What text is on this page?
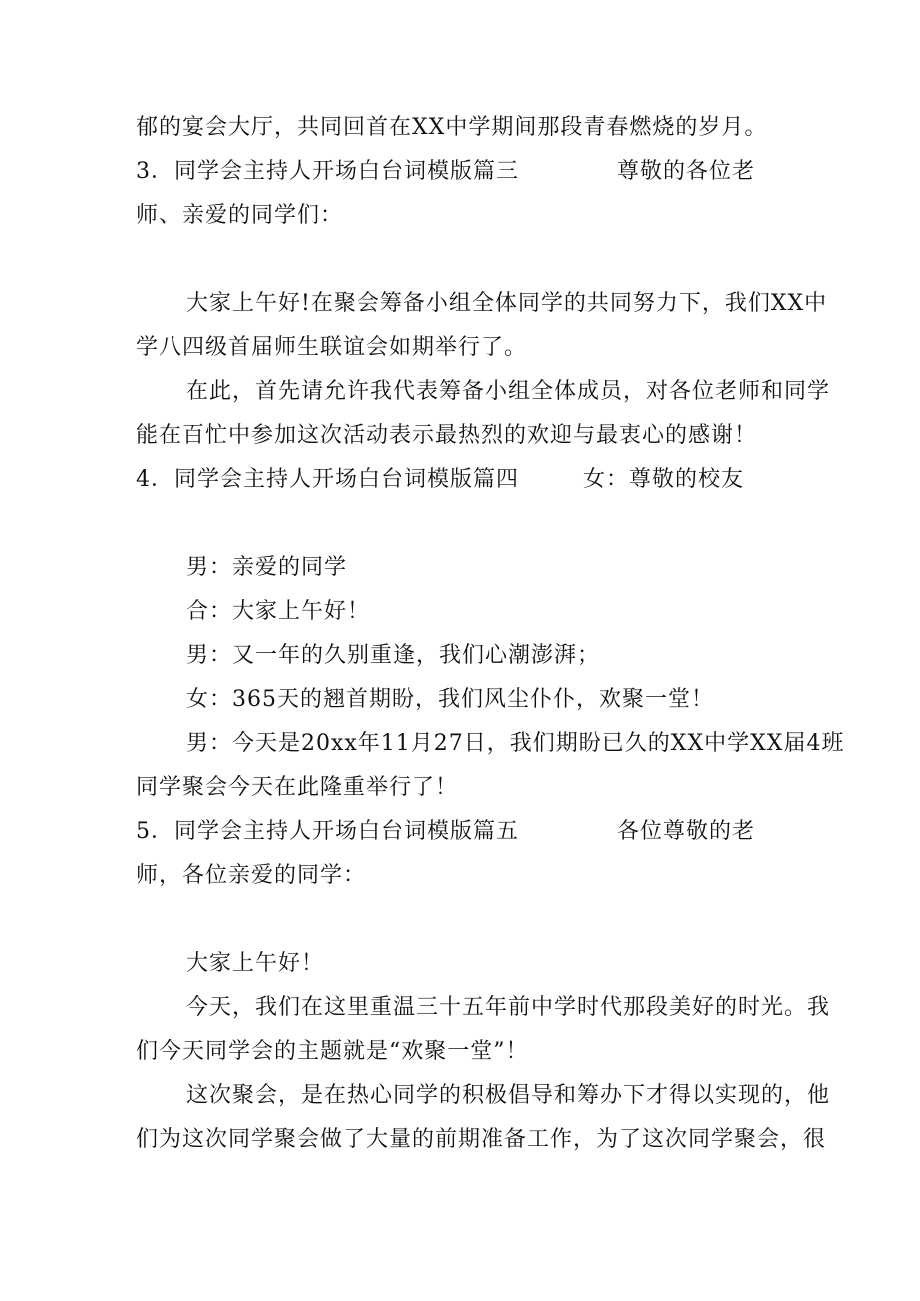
郁的宴会大厅，共同回首在XX中学期间那段青春燃烧的岁月。
3．同学会主持人开场白台词模版篇三	尊敬的各位老
师、亲爱的同学们：
大家上午好!在聚会筹备小组全体同学的共同努力下，我们XX中
学八四级首届师生联谊会如期举行了。
在此，首先请允许我代表筹备小组全体成员，对各位老师和同学
能在百忙中参加这次活动表示最热烈的欢迎与最衷心的感谢！
4．同学会主持人开场白台词模版篇四	女：尊敬的校友
男：亲爱的同学
合：大家上午好！
男：又一年的久别重逢，我们心潮澎湃；
女：365天的翘首期盼，我们风尘仆仆，欢聚一堂！
男：今天是20xx年11月27日，我们期盼已久的XX中学XX届4班
同学聚会今天在此隆重举行了！
5．同学会主持人开场白台词模版篇五	各位尊敬的老
师，各位亲爱的同学：
大家上午好！
今天，我们在这里重温三十五年前中学时代那段美好的时光。我
们今天同学会的主题就是“欢聚一堂”！
这次聚会，是在热心同学的积极倡导和筹办下才得以实现的，他
们为这次同学聚会做了大量的前期准备工作，为了这次同学聚会，很
